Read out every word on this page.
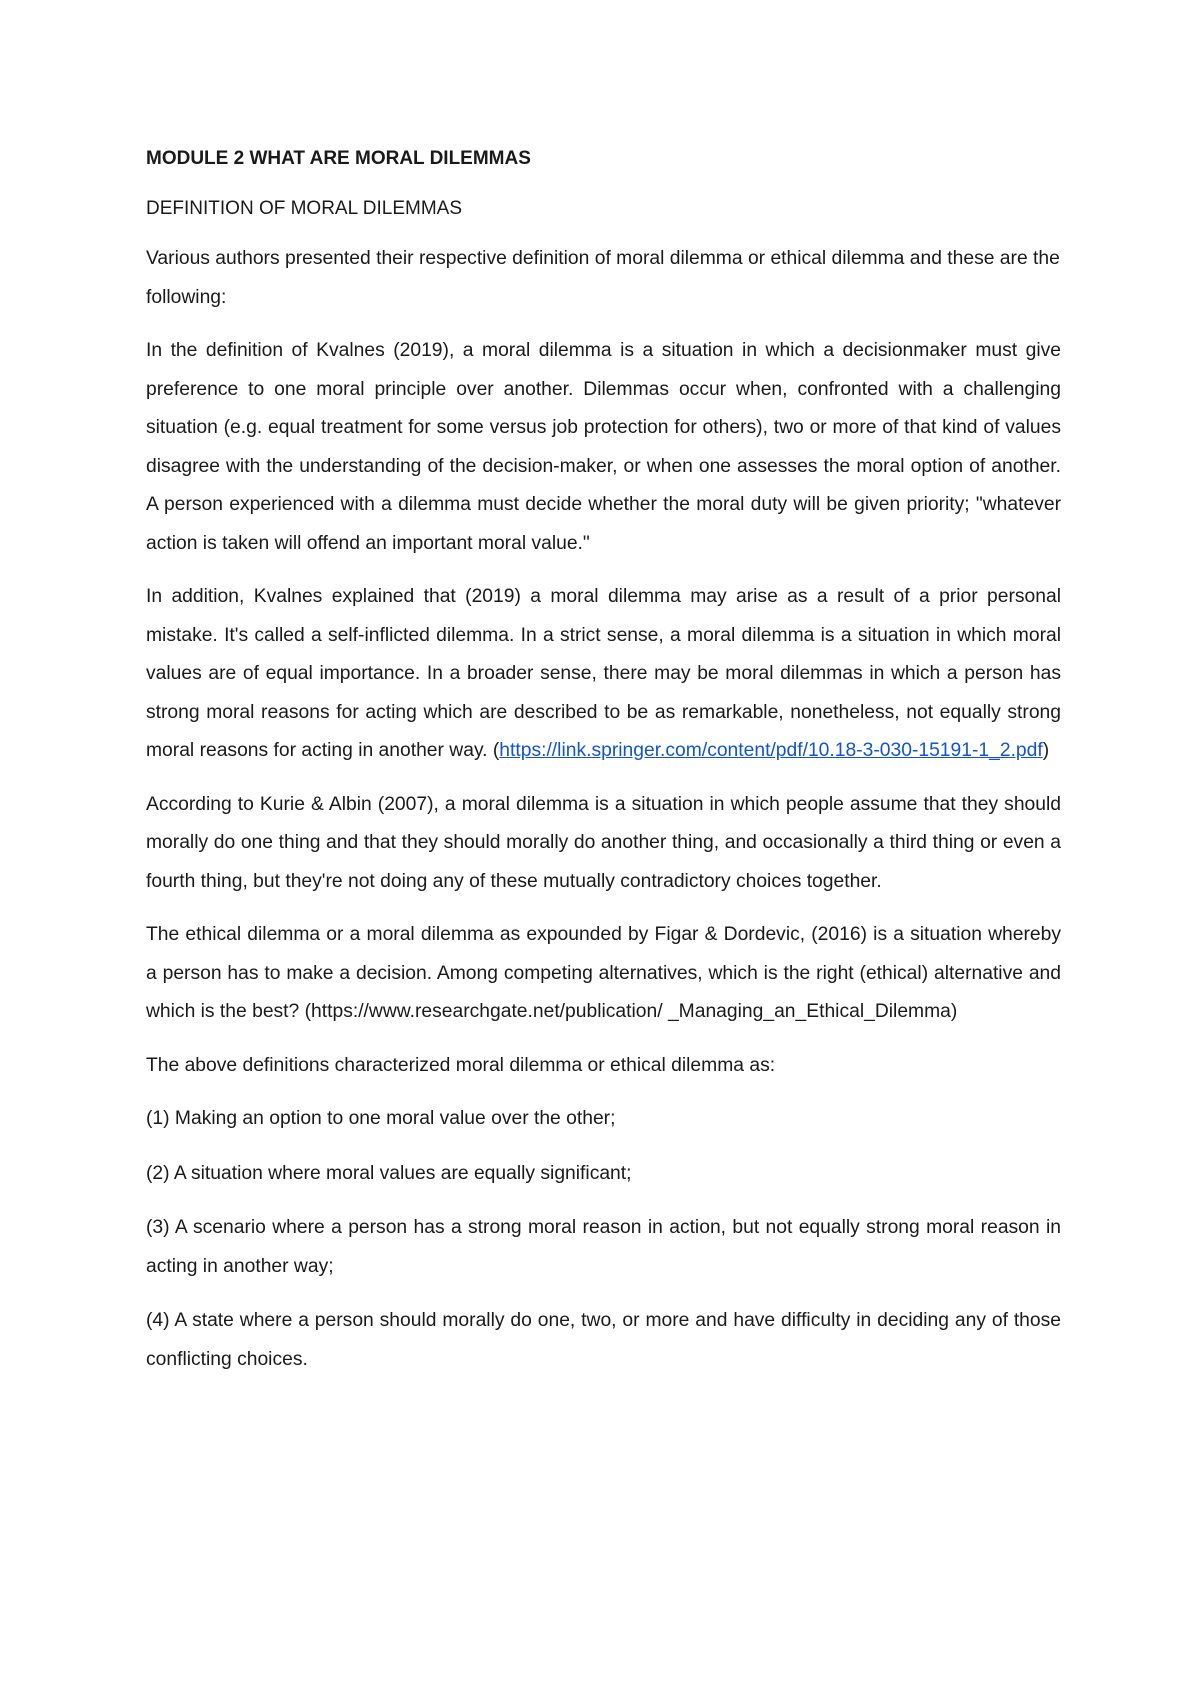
MODULE 2 WHAT ARE MORAL DILEMMAS
DEFINITION OF MORAL DILEMMAS

Various authors presented their respective definition of moral dilemma or ethical dilemma and these are the following:

In the definition of Kvalnes (2019), a moral dilemma is a situation in which a decisionmaker must give preference to one moral principle over another. Dilemmas occur when, confronted with a challenging situation (e.g. equal treatment for some versus job protection for others), two or more of that kind of values disagree with the understanding of the decision-maker, or when one assesses the moral option of another. A person experienced with a dilemma must decide whether the moral duty will be given priority; "whatever action is taken will offend an important moral value."

In addition, Kvalnes explained that (2019) a moral dilemma may arise as a result of a prior personal mistake. It's called a self-inflicted dilemma. In a strict sense, a moral dilemma is a situation in which moral values are of equal importance. In a broader sense, there may be moral dilemmas in which a person has strong moral reasons for acting which are described to be as remarkable, nonetheless, not equally strong moral reasons for acting in another way. (https://link.springer.com/content/pdf/10.18-3-030-15191-1_2.pdf)

According to Kurie & Albin (2007), a moral dilemma is a situation in which people assume that they should morally do one thing and that they should morally do another thing, and occasionally a third thing or even a fourth thing, but they're not doing any of these mutually contradictory choices together.

The ethical dilemma or a moral dilemma as expounded by Figar & Dordevic, (2016) is a situation whereby a person has to make a decision. Among competing alternatives, which is the right (ethical) alternative and which is the best? (https://www.researchgate.net/publication/ _Managing_an_Ethical_Dilemma)

The above definitions characterized moral dilemma or ethical dilemma as:

(1) Making an option to one moral value over the other;

(2) A situation where moral values are equally significant;

(3) A scenario where a person has a strong moral reason in action, but not equally strong moral reason in acting in another way;

(4) A state where a person should morally do one, two, or more and have difficulty in deciding any of those conflicting choices.
